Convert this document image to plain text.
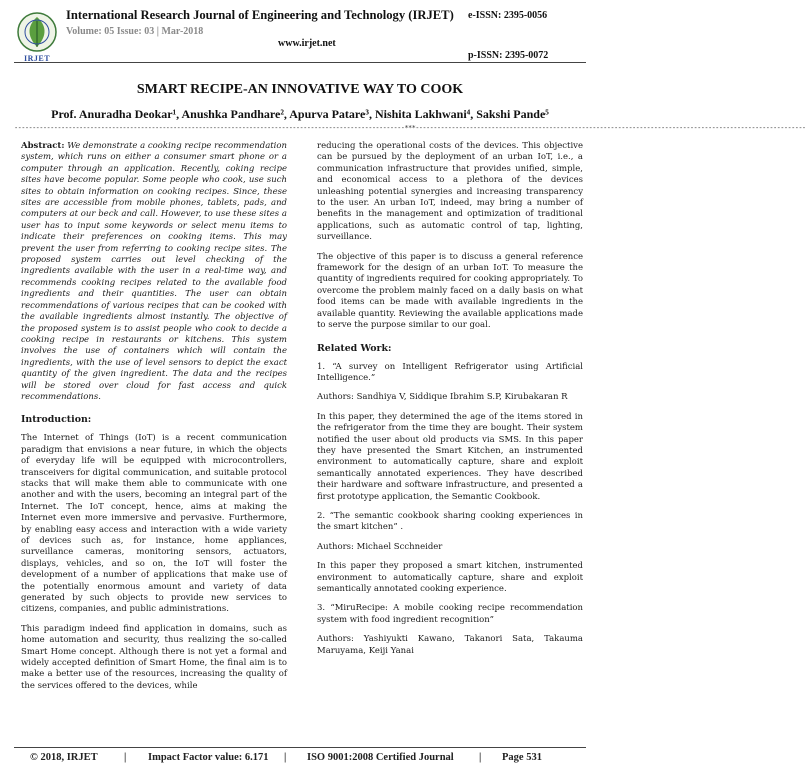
IRJET
International Research Journal of Engineering and Technology (IRJET) e-ISSN: 2395-0056
Volume: 05 Issue: 03 | Mar-2018
www.irjet.net
p-ISSN: 2395-0072
SMART RECIPE-AN INNOVATIVE WAY TO COOK
Prof. Anuradha Deokar¹, Anushka Pandhare², Apurva Patare³, Nishita Lakhwani⁴, Sakshi Pande⁵
------------------------------------------------------------------------------------------------------------***------------------------------------------------------------------------------------------------------------

Abstract: We demonstrate a cooking recipe recommendation system, which runs on either a consumer smart phone or a computer through an application. Recently, coking recipe sites have become popular. Some people who cook, use such sites to obtain information on cooking recipes. Since, these sites are accessible from mobile phones, tablets, pads, and computers at our beck and call. However, to use these sites a user has to input some keywords or select menu items to indicate their preferences on cooking items. This may prevent the user from referring to cooking recipe sites. The proposed system carries out level checking of the ingredients available with the user in a real-time way, and recommends cooking recipes related to the available food ingredients and their quantities. The user can obtain recommendations of various recipes that can be cooked with the available ingredients almost instantly. The objective of the proposed system is to assist people who cook to decide a cooking recipe in restaurants or kitchens. This system involves the use of containers which will contain the ingredients, with the use of level sensors to depict the exact quantity of the given ingredient. The data and the recipes will be stored over cloud for fast access and quick recommendations.

Introduction:

The Internet of Things (IoT) is a recent communication paradigm that envisions a near future, in which the objects of everyday life will be equipped with microcontrollers, transceivers for digital communication, and suitable protocol stacks that will make them able to communicate with one another and with the users, becoming an integral part of the Internet. The IoT concept, hence, aims at making the Internet even more immersive and pervasive. Furthermore, by enabling easy access and interaction with a wide variety of devices such as, for instance, home appliances, surveillance cameras, monitoring sensors, actuators, displays, vehicles, and so on, the IoT will foster the development of a number of applications that make use of the potentially enormous amount and variety of data generated by such objects to provide new services to citizens, companies, and public administrations.

This paradigm indeed find application in domains, such as home automation and security, thus realizing the so-called Smart Home concept. Although there is not yet a formal and widely accepted definition of Smart Home, the final aim is to make a better use of the resources, increasing the quality of the services offered to the devices, while

reducing the operational costs of the devices. This objective can be pursued by the deployment of an urban IoT, i.e., a communication infrastructure that provides unified, simple, and economical access to a plethora of the devices unleashing potential synergies and increasing transparency to the user. An urban IoT, indeed, may bring a number of benefits in the management and optimization of traditional applications, such as automatic control of tap, lighting, surveillance.

The objective of this paper is to discuss a general reference framework for the design of an urban IoT. To measure the quantity of ingredients required for cooking appropriately. To overcome the problem mainly faced on a daily basis on what food items can be made with available ingredients in the available quantity. Reviewing the available applications made to serve the purpose similar to our goal.

Related Work:

1. “A survey on Intelligent Refrigerator using Artificial Intelligence.”

Authors: Sandhiya V, Siddique Ibrahim S.P, Kirubakaran R

In this paper, they determined the age of the items stored in the refrigerator from the time they are bought. Their system notified the user about old products via SMS. In this paper they have presented the Smart Kitchen, an instrumented environment to automatically capture, share and exploit semantically annotated experiences. They have described their hardware and software infrastructure, and presented a first prototype application, the Semantic Cookbook.

2. “The semantic cookbook sharing cooking experiences in the smart kitchen” .

Authors: Michael Scchneider

In this paper they proposed a smart kitchen, instrumented environment to automatically capture, share and exploit semantically annotated cooking experience.

3. “MiruRecipe: A mobile cooking recipe recommendation system with food ingredient recognition”

Authors: Yashiyukti Kawano, Takanori Sata, Takauma Maruyama, Keiji Yanai

© 2018, IRJET	| Impact Factor value: 6.171 | ISO 9001:2008 Certified Journal | Page 531
